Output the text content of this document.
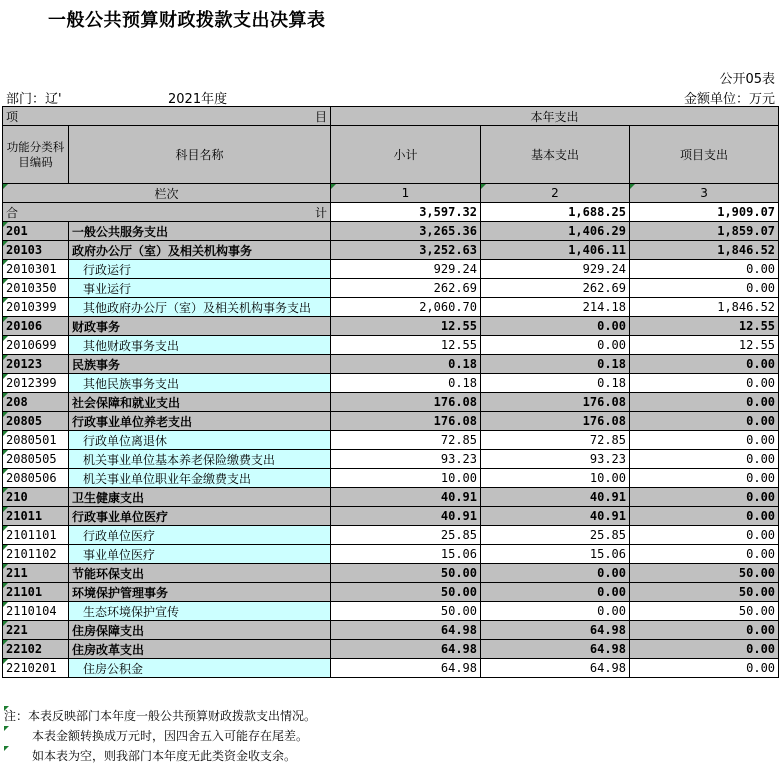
一般公共预算财政拨款支出决算表
公开05表
部门：辽'	2021年度	金额单位：万元
项 目		本年支出		
功能分类科目编码	科目名称	小计	基本支出	项目支出
栏次		1	2	3
合 计		3,597.32	1,688.25	1,909.07
201	一般公共服务支出	3,265.36	1,406.29	1,859.07
20103	政府办公厅（室）及相关机构事务	3,252.63	1,406.11	1,846.52
2010301	行政运行	929.24	929.24	0.00
2010350	事业运行	262.69	262.69	0.00
2010399	其他政府办公厅（室）及相关机构事务支出	2,060.70	214.18	1,846.52
20106	财政事务	12.55	0.00	12.55
2010699	其他财政事务支出	12.55	0.00	12.55
20123	民族事务	0.18	0.18	0.00
2012399	其他民族事务支出	0.18	0.18	0.00
208	社会保障和就业支出	176.08	176.08	0.00
20805	行政事业单位养老支出	176.08	176.08	0.00
2080501	行政单位离退休	72.85	72.85	0.00
2080505	机关事业单位基本养老保险缴费支出	93.23	93.23	0.00
2080506	机关事业单位职业年金缴费支出	10.00	10.00	0.00
210	卫生健康支出	40.91	40.91	0.00
21011	行政事业单位医疗	40.91	40.91	0.00
2101101	行政单位医疗	25.85	25.85	0.00
2101102	事业单位医疗	15.06	15.06	0.00
211	节能环保支出	50.00	0.00	50.00
21101	环境保护管理事务	50.00	0.00	50.00
2110104	生态环境保护宣传	50.00	0.00	50.00
221	住房保障支出	64.98	64.98	0.00
22102	住房改革支出	64.98	64.98	0.00
2210201	住房公积金	64.98	64.98	0.00
注：本表反映部门本年度一般公共预算财政拨款支出情况。
本表金额转换成万元时，因四舍五入可能存在尾差。
如本表为空，则我部门本年度无此类资金收支余。
